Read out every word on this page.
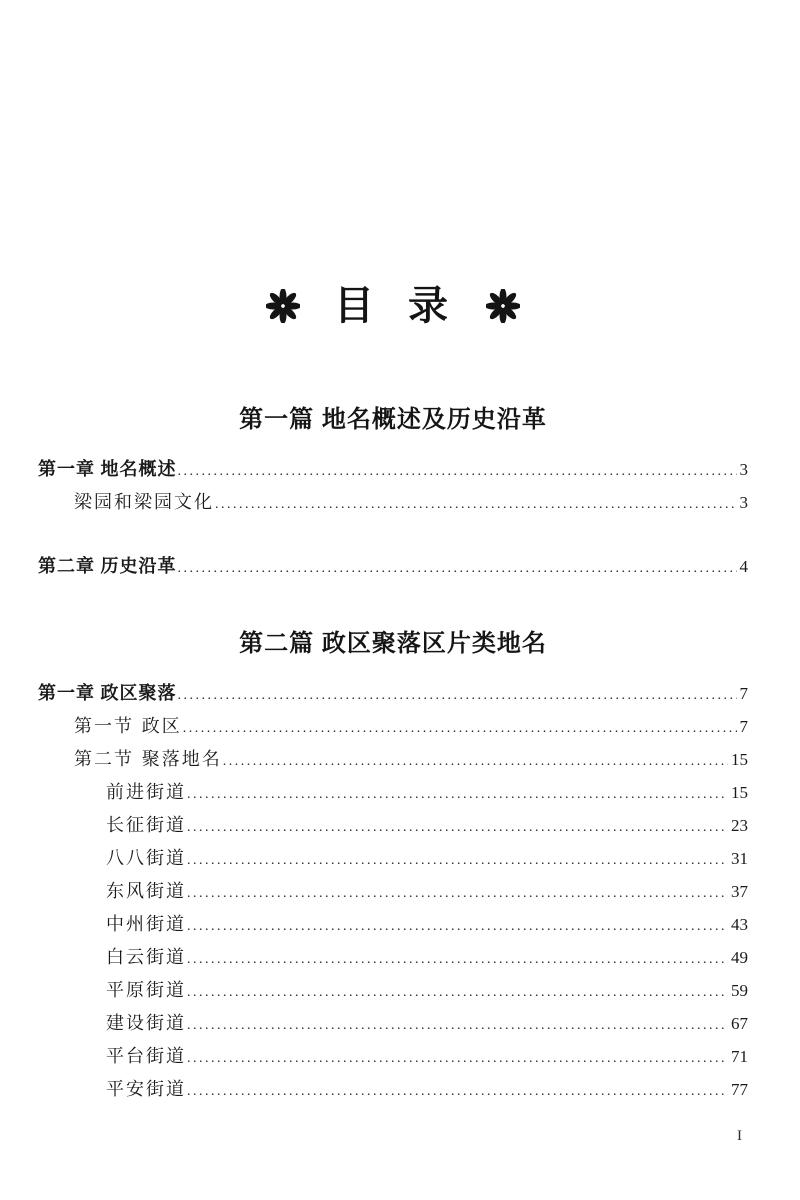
目 录
第一篇 地名概述及历史沿革
第一章 地名概述 .....	3
梁园和梁园文化 .....	3
第二章 历史沿革 .....	4
第二篇 政区聚落区片类地名
第一章 政区聚落 .....	7
第一节 政区 .....	7
第二节 聚落地名 .....	15
前进街道 .....	15
长征街道 .....	23
八八街道 .....	31
东风街道 .....	37
中州街道 .....	43
白云街道 .....	49
平原街道 .....	59
建设街道 .....	67
平台街道 .....	71
平安街道 .....	77
I
